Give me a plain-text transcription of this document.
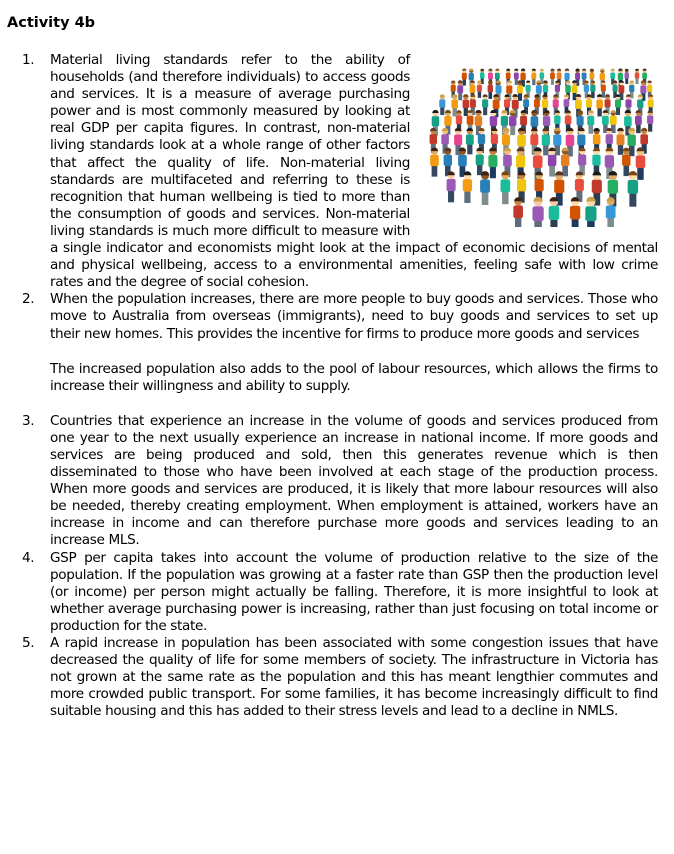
Activity 4b
1. Material living standards refer to the ability of households (and therefore individuals) to access goods and services. It is a measure of average purchasing power and is most commonly measured by looking at real GDP per capita figures. In contrast, non-material living standards look at a whole range of other factors that affect the quality of life. Non-material living standards are multifaceted and referring to these is recognition that human wellbeing is tied to more than the consumption of goods and services. Non-material living standards is much more difficult to measure with a single indicator and economists might look at the impact of economic decisions of mental and physical wellbeing, access to a environmental amenities, feeling safe with low crime rates and the degree of social cohesion.

2. When the population increases, there are more people to buy goods and services. Those who move to Australia from overseas (immigrants), need to buy goods and services to set up their new homes. This provides the incentive for firms to produce more goods and services

The increased population also adds to the pool of labour resources, which allows the firms to increase their willingness and ability to supply.

3. Countries that experience an increase in the volume of goods and services produced from one year to the next usually experience an increase in national income. If more goods and services are being produced and sold, then this generates revenue which is then disseminated to those who have been involved at each stage of the production process. When more goods and services are produced, it is likely that more labour resources will also be needed, thereby creating employment. When employment is attained, workers have an increase in income and can therefore purchase more goods and services leading to an increase MLS.

4. GSP per capita takes into account the volume of production relative to the size of the population. If the population was growing at a faster rate than GSP then the production level (or income) per person might actually be falling. Therefore, it is more insightful to look at whether average purchasing power is increasing, rather than just focusing on total income or production for the state.

5. A rapid increase in population has been associated with some congestion issues that have decreased the quality of life for some members of society. The infrastructure in Victoria has not grown at the same rate as the population and this has meant lengthier commutes and more crowded public transport. For some families, it has become increasingly difficult to find suitable housing and this has added to their stress levels and lead to a decline in NMLS.
